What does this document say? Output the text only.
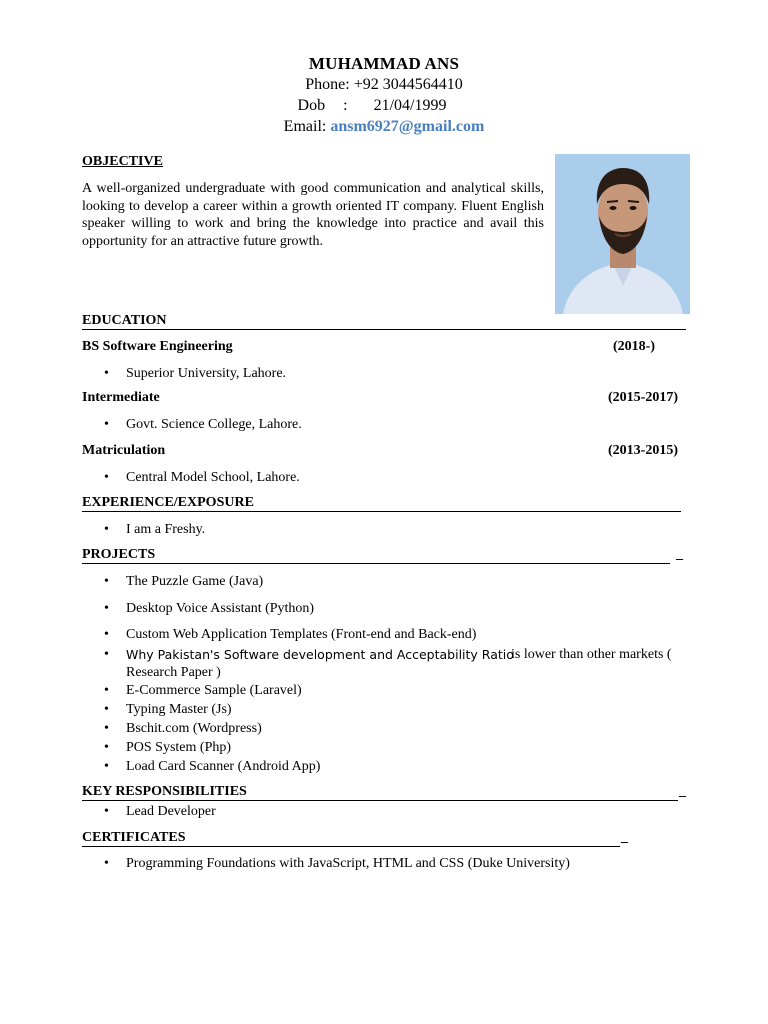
MUHAMMAD ANS
Phone: +92 3044564410
Dob : 21/04/1999
Email: ansm6927@gmail.com
OBJECTIVE
A well-organized undergraduate with good communication and analytical skills, looking to develop a career within a growth oriented IT company. Fluent English speaker willing to work and bring the knowledge into practice and avail this opportunity for an attractive future growth.
EDUCATION
BS Software Engineering	(2018-)
• Superior University, Lahore.
Intermediate	(2015-2017)
• Govt. Science College, Lahore.
Matriculation	(2013-2015)
• Central Model School, Lahore.
EXPERIENCE/EXPOSURE
• I am a Freshy.
PROJECTS	_
• The Puzzle Game (Java)
• Desktop Voice Assistant (Python)
• Custom Web Application Templates (Front-end and Back-end)
• Why Pakistan's Software development and Acceptability Ratio
is lower than other markets (
Research Paper )
• E-Commerce Sample (Laravel)
• Typing Master (Js)
• Bschit.com (Wordpress)
• POS System (Php)
• Load Card Scanner (Android App)
KEY RESPONSIBILITIES	_
• Lead Developer
CERTIFICATES	_
• Programming Foundations with JavaScript, HTML and CSS (Duke University)
